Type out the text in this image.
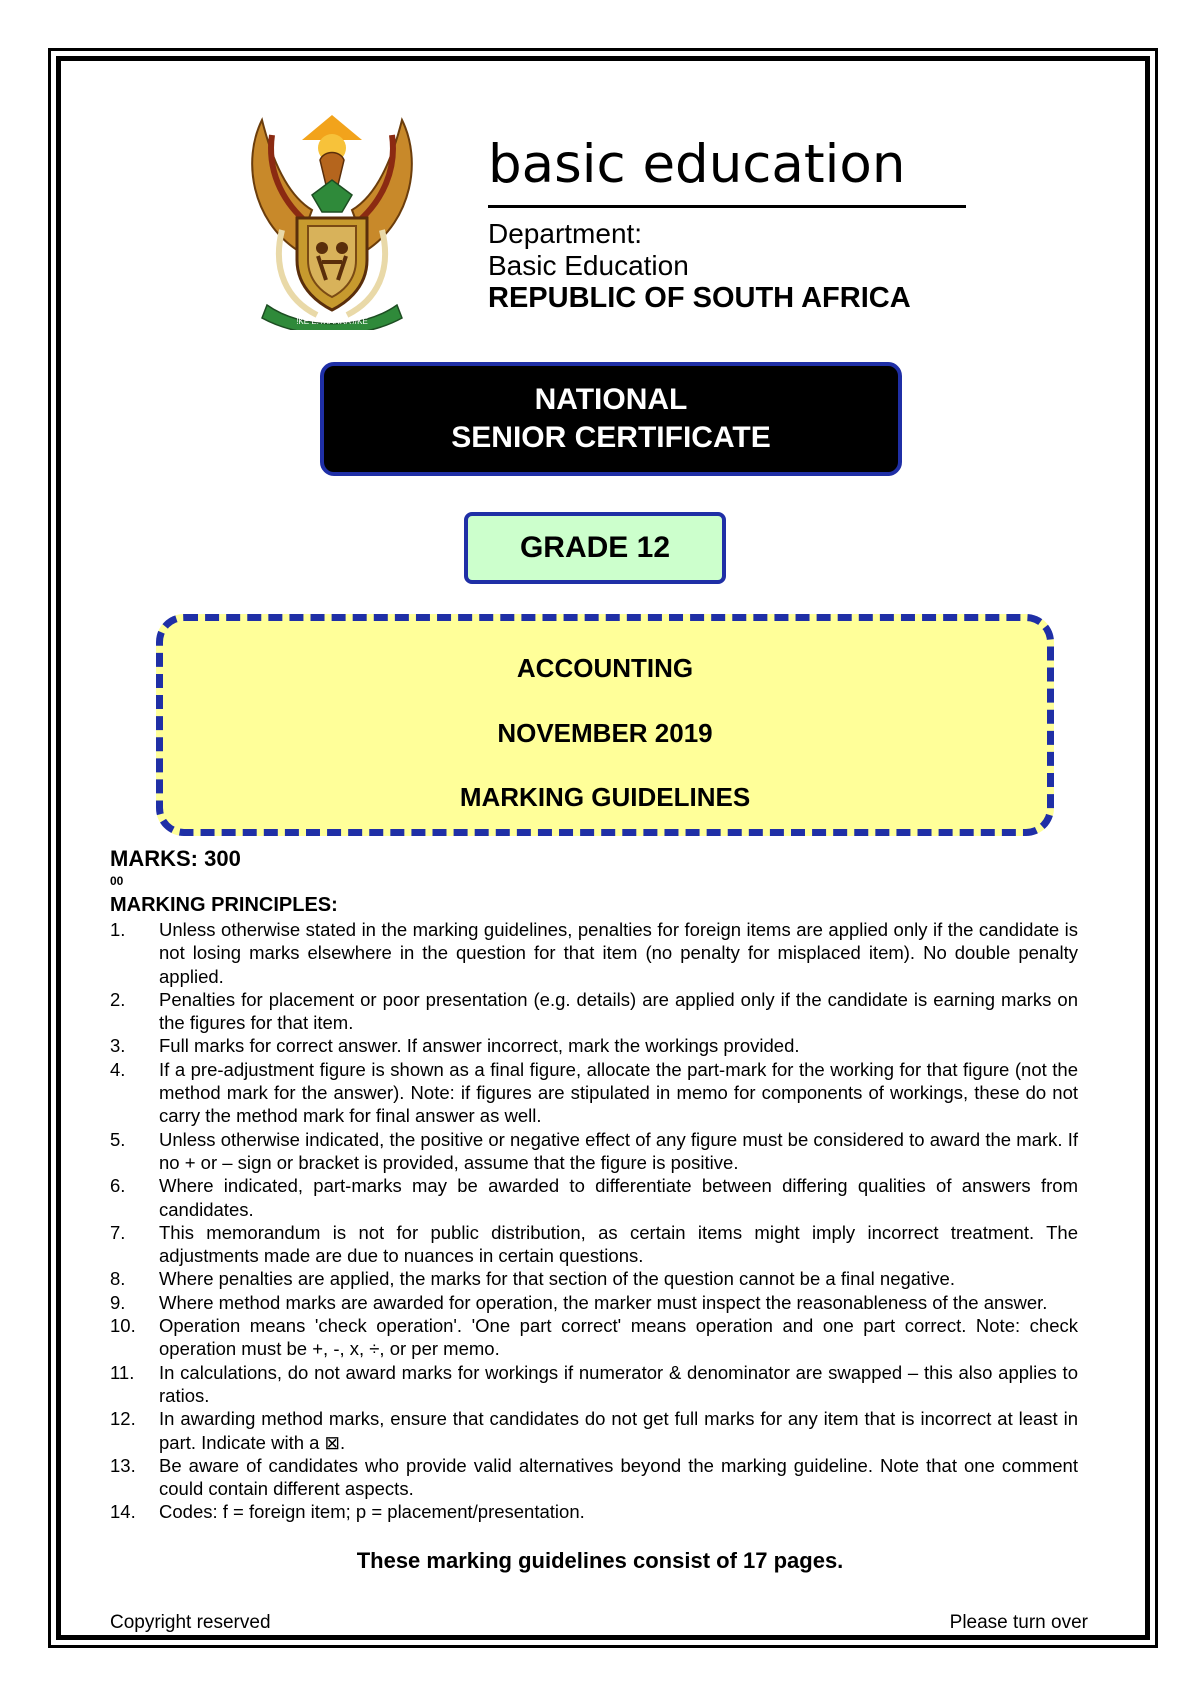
!KE E: /XARRA //KE
basic education
Department:
Basic Education
REPUBLIC OF SOUTH AFRICA
NATIONAL
SENIOR CERTIFICATE
GRADE 12
ACCOUNTING
NOVEMBER 2019
MARKING GUIDELINES
MARKS: 300
00
MARKING PRINCIPLES:
1. Unless otherwise stated in the marking guidelines, penalties for foreign items are applied only if the candidate is not losing marks elsewhere in the question for that item (no penalty for misplaced item). No double penalty applied.
2. Penalties for placement or poor presentation (e.g. details) are applied only if the candidate is earning marks on the figures for that item.
3. Full marks for correct answer. If answer incorrect, mark the workings provided.
4. If a pre-adjustment figure is shown as a final figure, allocate the part-mark for the working for that figure (not the method mark for the answer). Note: if figures are stipulated in memo for components of workings, these do not carry the method mark for final answer as well.
5. Unless otherwise indicated, the positive or negative effect of any figure must be considered to award the mark. If no + or – sign or bracket is provided, assume that the figure is positive.
6. Where indicated, part-marks may be awarded to differentiate between differing qualities of answers from candidates.
7. This memorandum is not for public distribution, as certain items might imply incorrect treatment. The adjustments made are due to nuances in certain questions.
8. Where penalties are applied, the marks for that section of the question cannot be a final negative.
9. Where method marks are awarded for operation, the marker must inspect the reasonableness of the answer.
10. Operation means 'check operation'. 'One part correct' means operation and one part correct. Note: check operation must be +, -, x, ÷, or per memo.
11. In calculations, do not award marks for workings if numerator & denominator are swapped – this also applies to ratios.
12. In awarding method marks, ensure that candidates do not get full marks for any item that is incorrect at least in part. Indicate with a ⊠.
13. Be aware of candidates who provide valid alternatives beyond the marking guideline. Note that one comment could contain different aspects.
14. Codes: f = foreign item; p = placement/presentation.
These marking guidelines consist of 17 pages.
Copyright reserved	Please turn over
